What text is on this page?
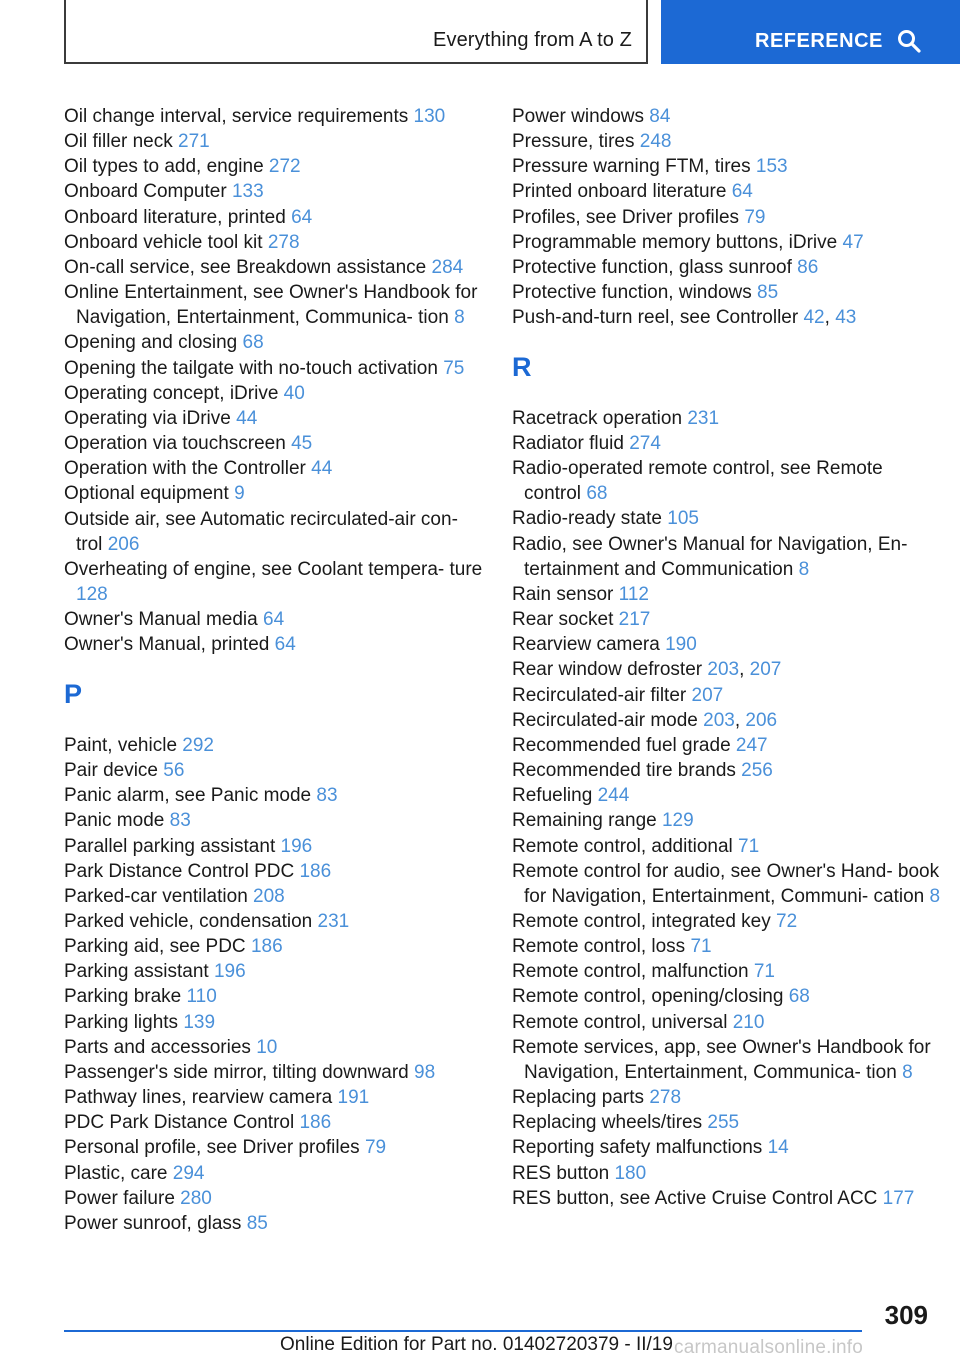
Everything from A to Z	REFERENCE
Oil change interval, service requirements 130
Oil filler neck 271
Oil types to add, engine 272
Onboard Computer 133
Onboard literature, printed 64
Onboard vehicle tool kit 278
On-call service, see Breakdown assistance 284
Online Entertainment, see Owner's Handbook for Navigation, Entertainment, Communica‐ tion 8
Opening and closing 68
Opening the tailgate with no-touch activation 75
Operating concept, iDrive 40
Operating via iDrive 44
Operation via touchscreen 45
Operation with the Controller 44
Optional equipment 9
Outside air, see Automatic recirculated-air con‐ trol 206
Overheating of engine, see Coolant tempera‐ ture 128
Owner's Manual media 64
Owner's Manual, printed 64
P
Paint, vehicle 292
Pair device 56
Panic alarm, see Panic mode 83
Panic mode 83
Parallel parking assistant 196
Park Distance Control PDC 186
Parked-car ventilation 208
Parked vehicle, condensation 231
Parking aid, see PDC 186
Parking assistant 196
Parking brake 110
Parking lights 139
Parts and accessories 10
Passenger's side mirror, tilting downward 98
Pathway lines, rearview camera 191
PDC Park Distance Control 186
Personal profile, see Driver profiles 79
Plastic, care 294
Power failure 280
Power sunroof, glass 85
Power windows 84
Pressure, tires 248
Pressure warning FTM, tires 153
Printed onboard literature 64
Profiles, see Driver profiles 79
Programmable memory buttons, iDrive 47
Protective function, glass sunroof 86
Protective function, windows 85
Push-and-turn reel, see Controller 42, 43
R
Racetrack operation 231
Radiator fluid 274
Radio-operated remote control, see Remote control 68
Radio-ready state 105
Radio, see Owner's Manual for Navigation, En‐ tertainment and Communication 8
Rain sensor 112
Rear socket 217
Rearview camera 190
Rear window defroster 203, 207
Recirculated-air filter 207
Recirculated-air mode 203, 206
Recommended fuel grade 247
Recommended tire brands 256
Refueling 244
Remaining range 129
Remote control, additional 71
Remote control for audio, see Owner's Hand‐ book for Navigation, Entertainment, Communi‐ cation 8
Remote control, integrated key 72
Remote control, loss 71
Remote control, malfunction 71
Remote control, opening/closing 68
Remote control, universal 210
Remote services, app, see Owner's Handbook for Navigation, Entertainment, Communica‐ tion 8
Replacing parts 278
Replacing wheels/tires 255
Reporting safety malfunctions 14
RES button 180
RES button, see Active Cruise Control ACC 177
309
Online Edition for Part no. 01402720379 - II/19 carmanualsonline.info
